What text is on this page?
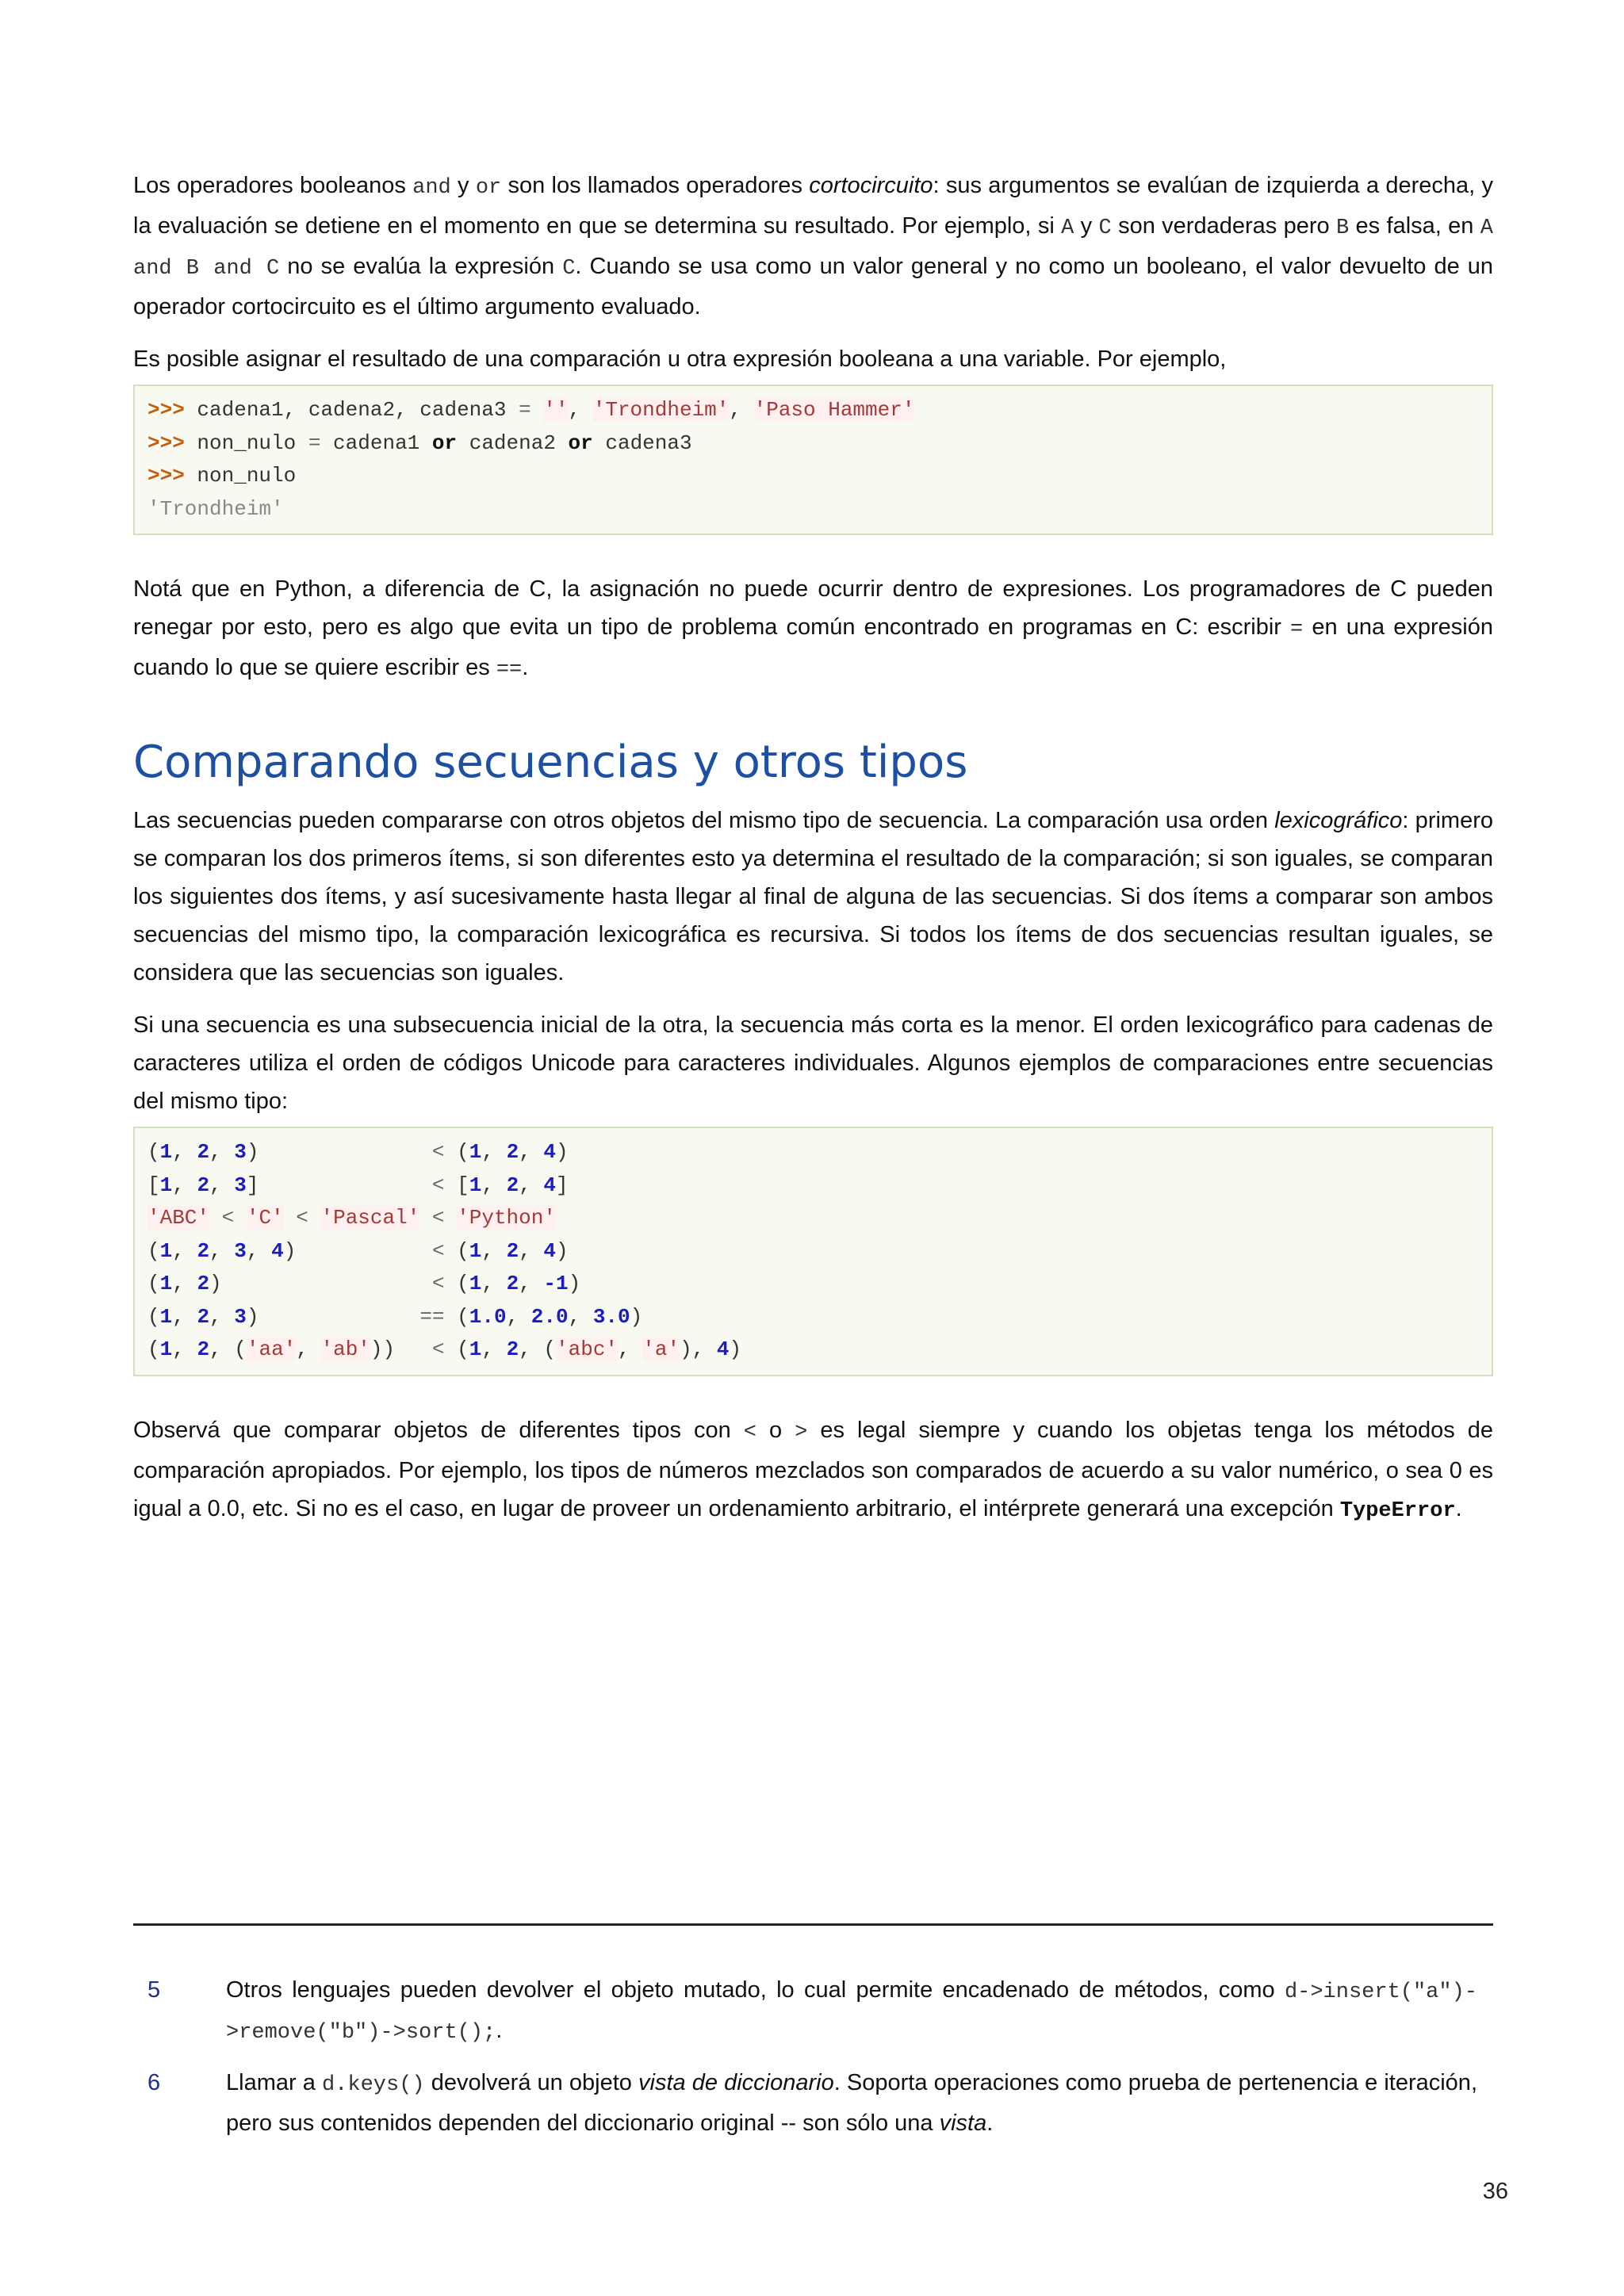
Los operadores booleanos and y or son los llamados operadores cortocircuito: sus argumentos se evalúan de izquierda a derecha, y la evaluación se detiene en el momento en que se determina su resultado. Por ejemplo, si A y C son verdaderas pero B es falsa, en A and B and C no se evalúa la expresión C. Cuando se usa como un valor general y no como un booleano, el valor devuelto de un operador cortocircuito es el último argumento evaluado.

Es posible asignar el resultado de una comparación u otra expresión booleana a una variable. Por ejemplo,

>>> cadena1, cadena2, cadena3 = '', 'Trondheim', 'Paso Hammer'
>>> non_nulo = cadena1 or cadena2 or cadena3
>>> non_nulo
'Trondheim'

Notá que en Python, a diferencia de C, la asignación no puede ocurrir dentro de expresiones. Los programadores de C pueden renegar por esto, pero es algo que evita un tipo de problema común encontrado en programas en C: escribir = en una expresión cuando lo que se quiere escribir es ==.

Comparando secuencias y otros tipos

Las secuencias pueden compararse con otros objetos del mismo tipo de secuencia. La comparación usa orden lexicográfico: primero se comparan los dos primeros ítems, si son diferentes esto ya determina el resultado de la comparación; si son iguales, se comparan los siguientes dos ítems, y así sucesivamente hasta llegar al final de alguna de las secuencias. Si dos ítems a comparar son ambos secuencias del mismo tipo, la comparación lexicográfica es recursiva. Si todos los ítems de dos secuencias resultan iguales, se considera que las secuencias son iguales.

Si una secuencia es una subsecuencia inicial de la otra, la secuencia más corta es la menor. El orden lexicográfico para cadenas de caracteres utiliza el orden de códigos Unicode para caracteres individuales. Algunos ejemplos de comparaciones entre secuencias del mismo tipo:

(1, 2, 3)              < (1, 2, 4)
[1, 2, 3]              < [1, 2, 4]
'ABC' < 'C' < 'Pascal' < 'Python'
(1, 2, 3, 4)           < (1, 2, 4)
(1, 2)                 < (1, 2, -1)
(1, 2, 3)             == (1.0, 2.0, 3.0)
(1, 2, ('aa', 'ab'))   < (1, 2, ('abc', 'a'), 4)

Observá que comparar objetos de diferentes tipos con < o > es legal siempre y cuando los objetas tenga los métodos de comparación apropiados. Por ejemplo, los tipos de números mezclados son comparados de acuerdo a su valor numérico, o sea 0 es igual a 0.0, etc. Si no es el caso, en lugar de proveer un ordenamiento arbitrario, el intérprete generará una excepción TypeError.

5	Otros lenguajes pueden devolver el objeto mutado, lo cual permite encadenado de métodos, como d->insert("a")->remove("b")->sort();.
6	Llamar a d.keys() devolverá un objeto vista de diccionario. Soporta operaciones como prueba de pertenencia e iteración, pero sus contenidos dependen del diccionario original -- son sólo una vista.
36
